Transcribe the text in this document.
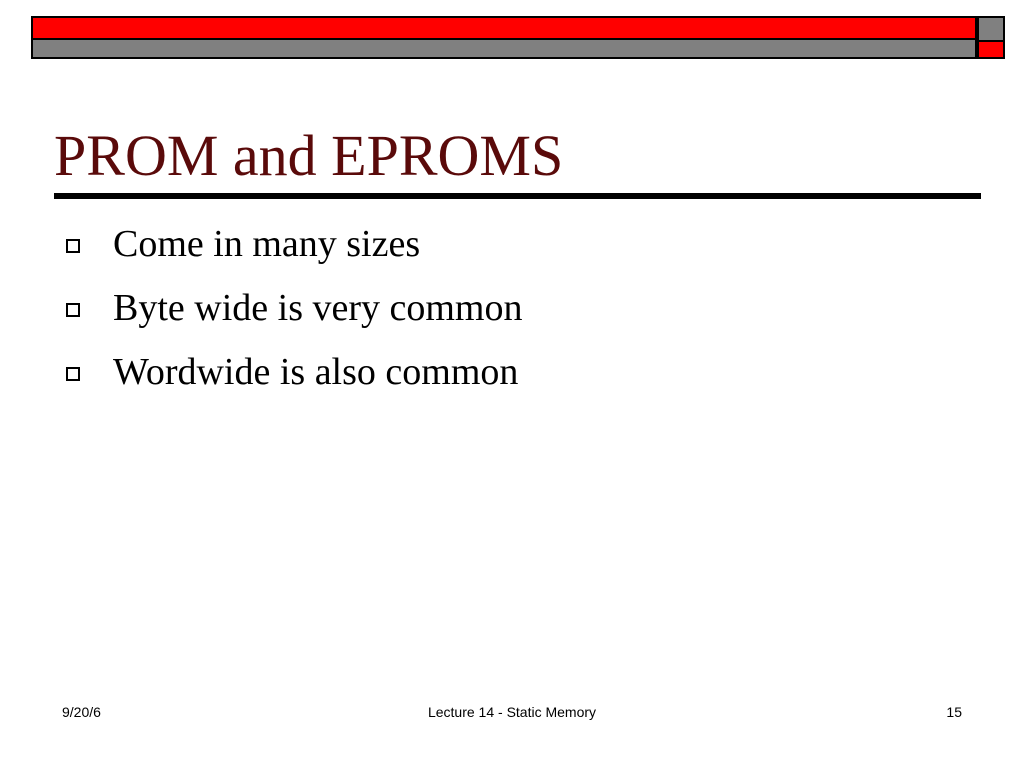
PROM and EPROMS
Come in many sizes
Byte wide is very common
Wordwide is also common
9/20/6	Lecture 14 - Static Memory	15
